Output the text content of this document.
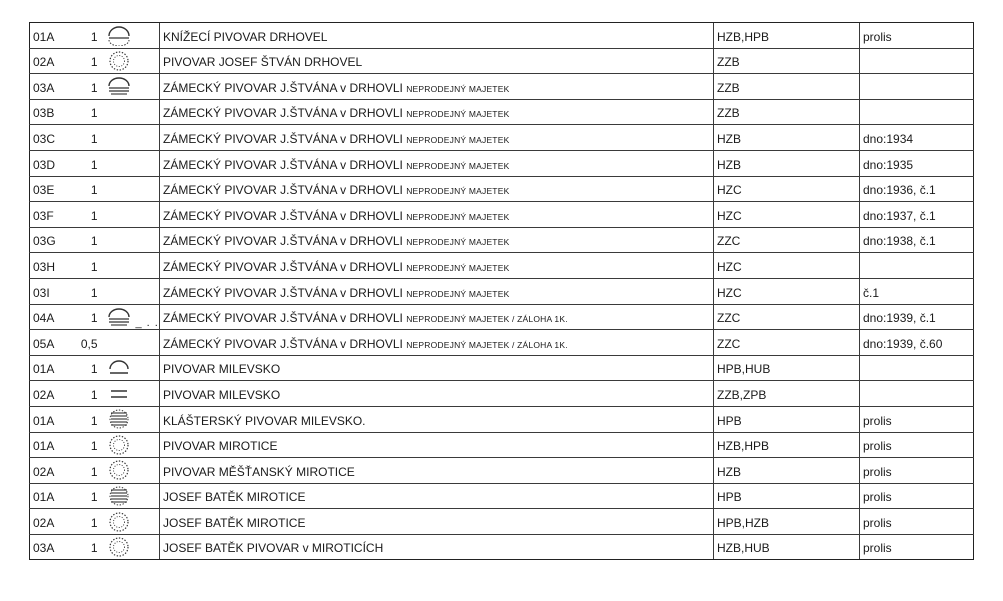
01A	1		KNÍŽECÍ PIVOVAR DRHOVEL	HZB,HPB	prolis
02A	1		PIVOVAR JOSEF ŠTVÁN DRHOVEL	ZZB	
03A	1		ZÁMECKÝ PIVOVAR J.ŠTVÁNA v DRHOVLI NEPRODEJNÝ MAJETEK	ZZB	
03B	1		ZÁMECKÝ PIVOVAR J.ŠTVÁNA v DRHOVLI NEPRODEJNÝ MAJETEK	ZZB	
03C	1		ZÁMECKÝ PIVOVAR J.ŠTVÁNA v DRHOVLI NEPRODEJNÝ MAJETEK	HZB	dno:1934
03D	1		ZÁMECKÝ PIVOVAR J.ŠTVÁNA v DRHOVLI NEPRODEJNÝ MAJETEK	HZB	dno:1935
03E	1		ZÁMECKÝ PIVOVAR J.ŠTVÁNA v DRHOVLI NEPRODEJNÝ MAJETEK	HZC	dno:1936, č.1
03F	1		ZÁMECKÝ PIVOVAR J.ŠTVÁNA v DRHOVLI NEPRODEJNÝ MAJETEK	HZC	dno:1937, č.1
03G	1		ZÁMECKÝ PIVOVAR J.ŠTVÁNA v DRHOVLI NEPRODEJNÝ MAJETEK	ZZC	dno:1938, č.1
03H	1		ZÁMECKÝ PIVOVAR J.ŠTVÁNA v DRHOVLI NEPRODEJNÝ MAJETEK	HZC	
03I	1		ZÁMECKÝ PIVOVAR J.ŠTVÁNA v DRHOVLI NEPRODEJNÝ MAJETEK	HZC	č.1
04A	1	_ . .	ZÁMECKÝ PIVOVAR J.ŠTVÁNA v DRHOVLI NEPRODEJNÝ MAJETEK / ZÁLOHA 1K.	ZZC	dno:1939, č.1
05A	0,5		ZÁMECKÝ PIVOVAR J.ŠTVÁNA v DRHOVLI NEPRODEJNÝ MAJETEK / ZÁLOHA 1K.	ZZC	dno:1939, č.60
01A	1		PIVOVAR MILEVSKO	HPB,HUB	
02A	1		PIVOVAR MILEVSKO	ZZB,ZPB	
01A	1		KLÁŠTERSKÝ PIVOVAR MILEVSKO.	HPB	prolis
01A	1		PIVOVAR MIROTICE	HZB,HPB	prolis
02A	1		PIVOVAR MĚŠŤANSKÝ MIROTICE	HZB	prolis
01A	1		JOSEF BATĚK MIROTICE	HPB	prolis
02A	1		JOSEF BATĚK MIROTICE	HPB,HZB	prolis
03A	1		JOSEF BATĚK PIVOVAR v MIROTICÍCH	HZB,HUB	prolis
